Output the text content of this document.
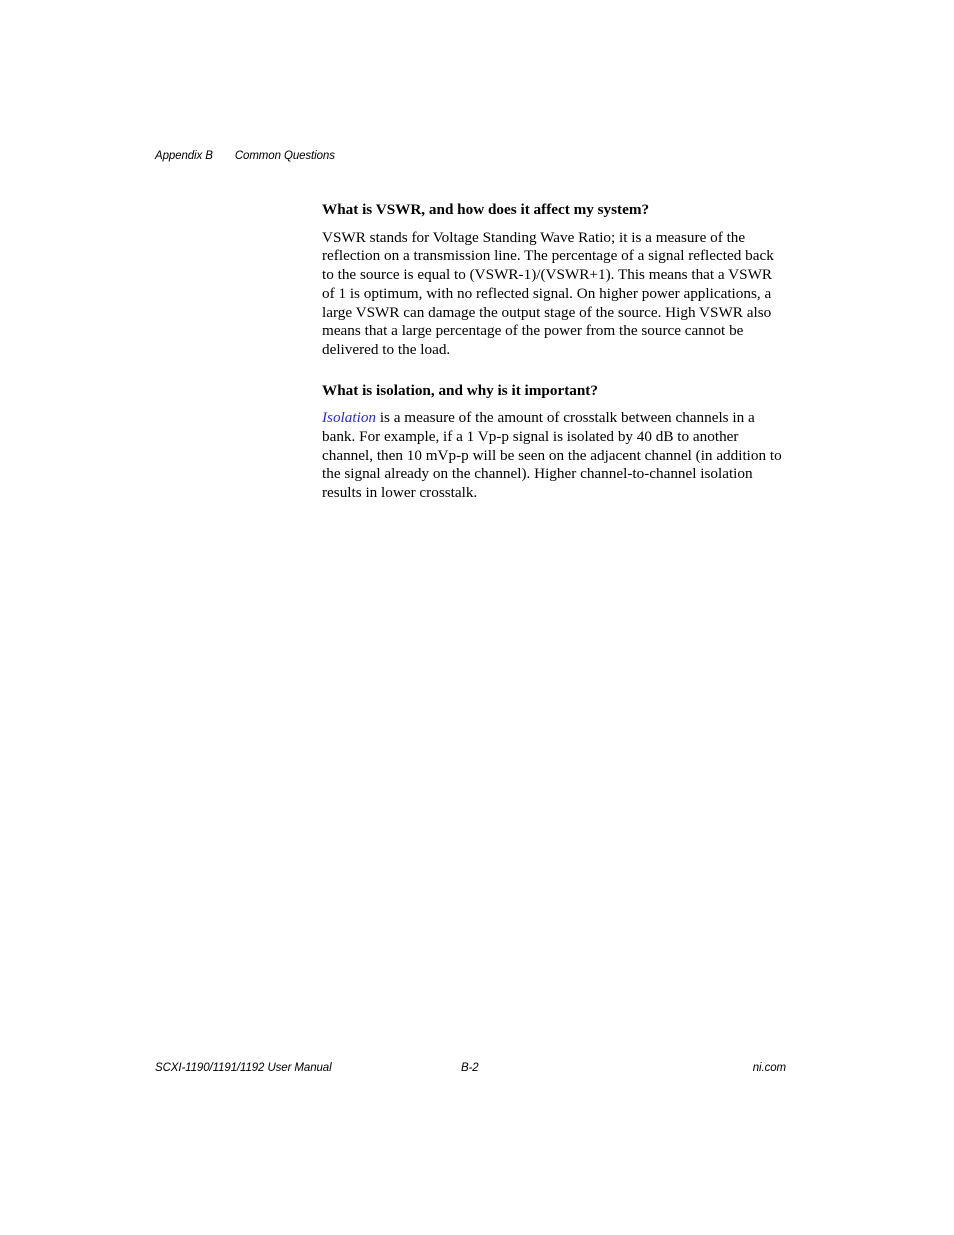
Appendix B Common Questions

What is VSWR, and how does it affect my system?

VSWR stands for Voltage Standing Wave Ratio; it is a measure of the reflection on a transmission line. The percentage of a signal reflected back to the source is equal to (VSWR-1)/(VSWR+1). This means that a VSWR of 1 is optimum, with no reflected signal. On higher power applications, a large VSWR can damage the output stage of the source. High VSWR also means that a large percentage of the power from the source cannot be delivered to the load.

What is isolation, and why is it important?

Isolation is a measure of the amount of crosstalk between channels in a bank. For example, if a 1 Vp-p signal is isolated by 40 dB to another channel, then 10 mVp-p will be seen on the adjacent channel (in addition to the signal already on the channel). Higher channel-to-channel isolation results in lower crosstalk.

SCXI-1190/1191/1192 User Manual	B-2	ni.com
